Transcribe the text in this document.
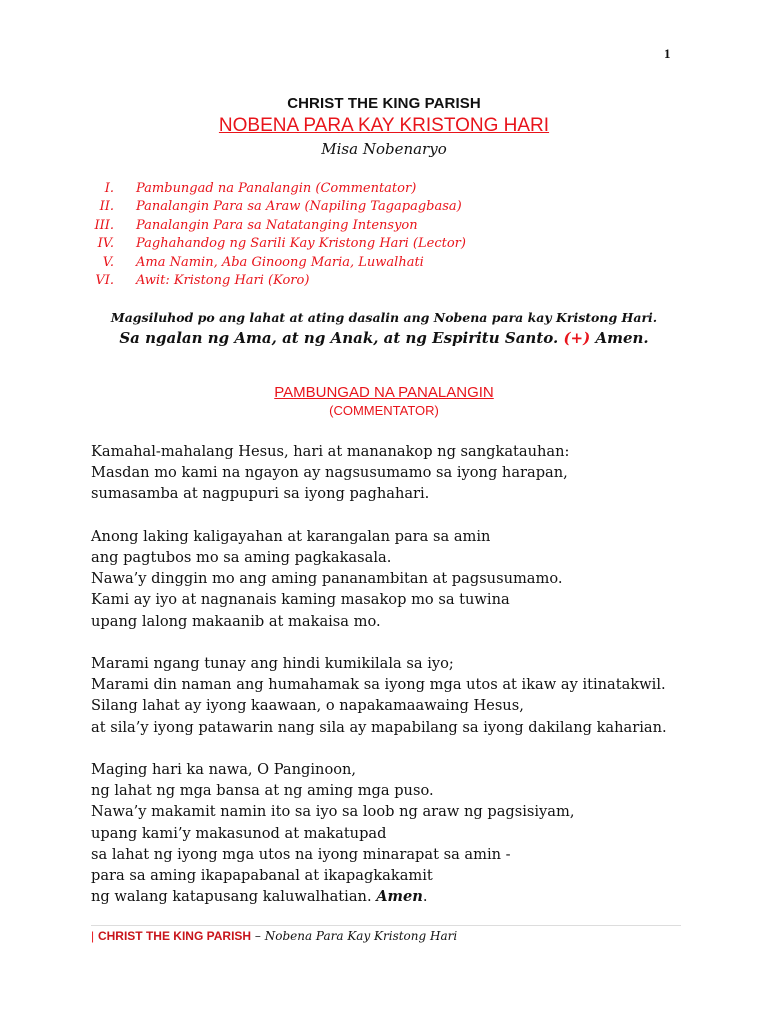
1
CHRIST THE KING PARISH
NOBENA PARA KAY KRISTONG HARI
Misa Nobenaryo
I. Pambungad na Panalangin (Commentator)
II. Panalangin Para sa Araw (Napiling Tagapagbasa)
III. Panalangin Para sa Natatanging Intensyon
IV. Paghahandog ng Sarili Kay Kristong Hari (Lector)
V. Ama Namin, Aba Ginoong Maria, Luwalhati
VI. Awit: Kristong Hari (Koro)
Magsiluhod po ang lahat at ating dasalin ang Nobena para kay Kristong Hari.
Sa ngalan ng Ama, at ng Anak, at ng Espiritu Santo. (+) Amen.
PAMBUNGAD NA PANALANGIN
(COMMENTATOR)

Kamahal-mahalang Hesus, hari at mananakop ng sangkatauhan:
Masdan mo kami na ngayon ay nagsusumamo sa iyong harapan,
sumasamba at nagpupuri sa iyong paghahari.

Anong laking kaligayahan at karangalan para sa amin
ang pagtubos mo sa aming pagkakasala.
Nawa’y dinggin mo ang aming pananambitan at pagsusumamo.
Kami ay iyo at nagnanais kaming masakop mo sa tuwina
upang lalong makaanib at makaisa mo.

Marami ngang tunay ang hindi kumikilala sa iyo;
Marami din naman ang humahamak sa iyong mga utos at ikaw ay itinatakwil.
Silang lahat ay iyong kaawaan, o napakamaawaing Hesus,
at sila’y iyong patawarin nang sila ay mapabilang sa iyong dakilang kaharian.

Maging hari ka nawa, O Panginoon,
ng lahat ng mga bansa at ng aming mga puso.
Nawa’y makamit namin ito sa iyo sa loob ng araw ng pagsisiyam,
upang kami’y makasunod at makatupad
sa lahat ng iyong mga utos na iyong minarapat sa amin -
para sa aming ikapapabanal at ikapagkakamit
ng walang katapusang kaluwalhatian. Amen.

| CHRIST THE KING PARISH – Nobena Para Kay Kristong Hari
